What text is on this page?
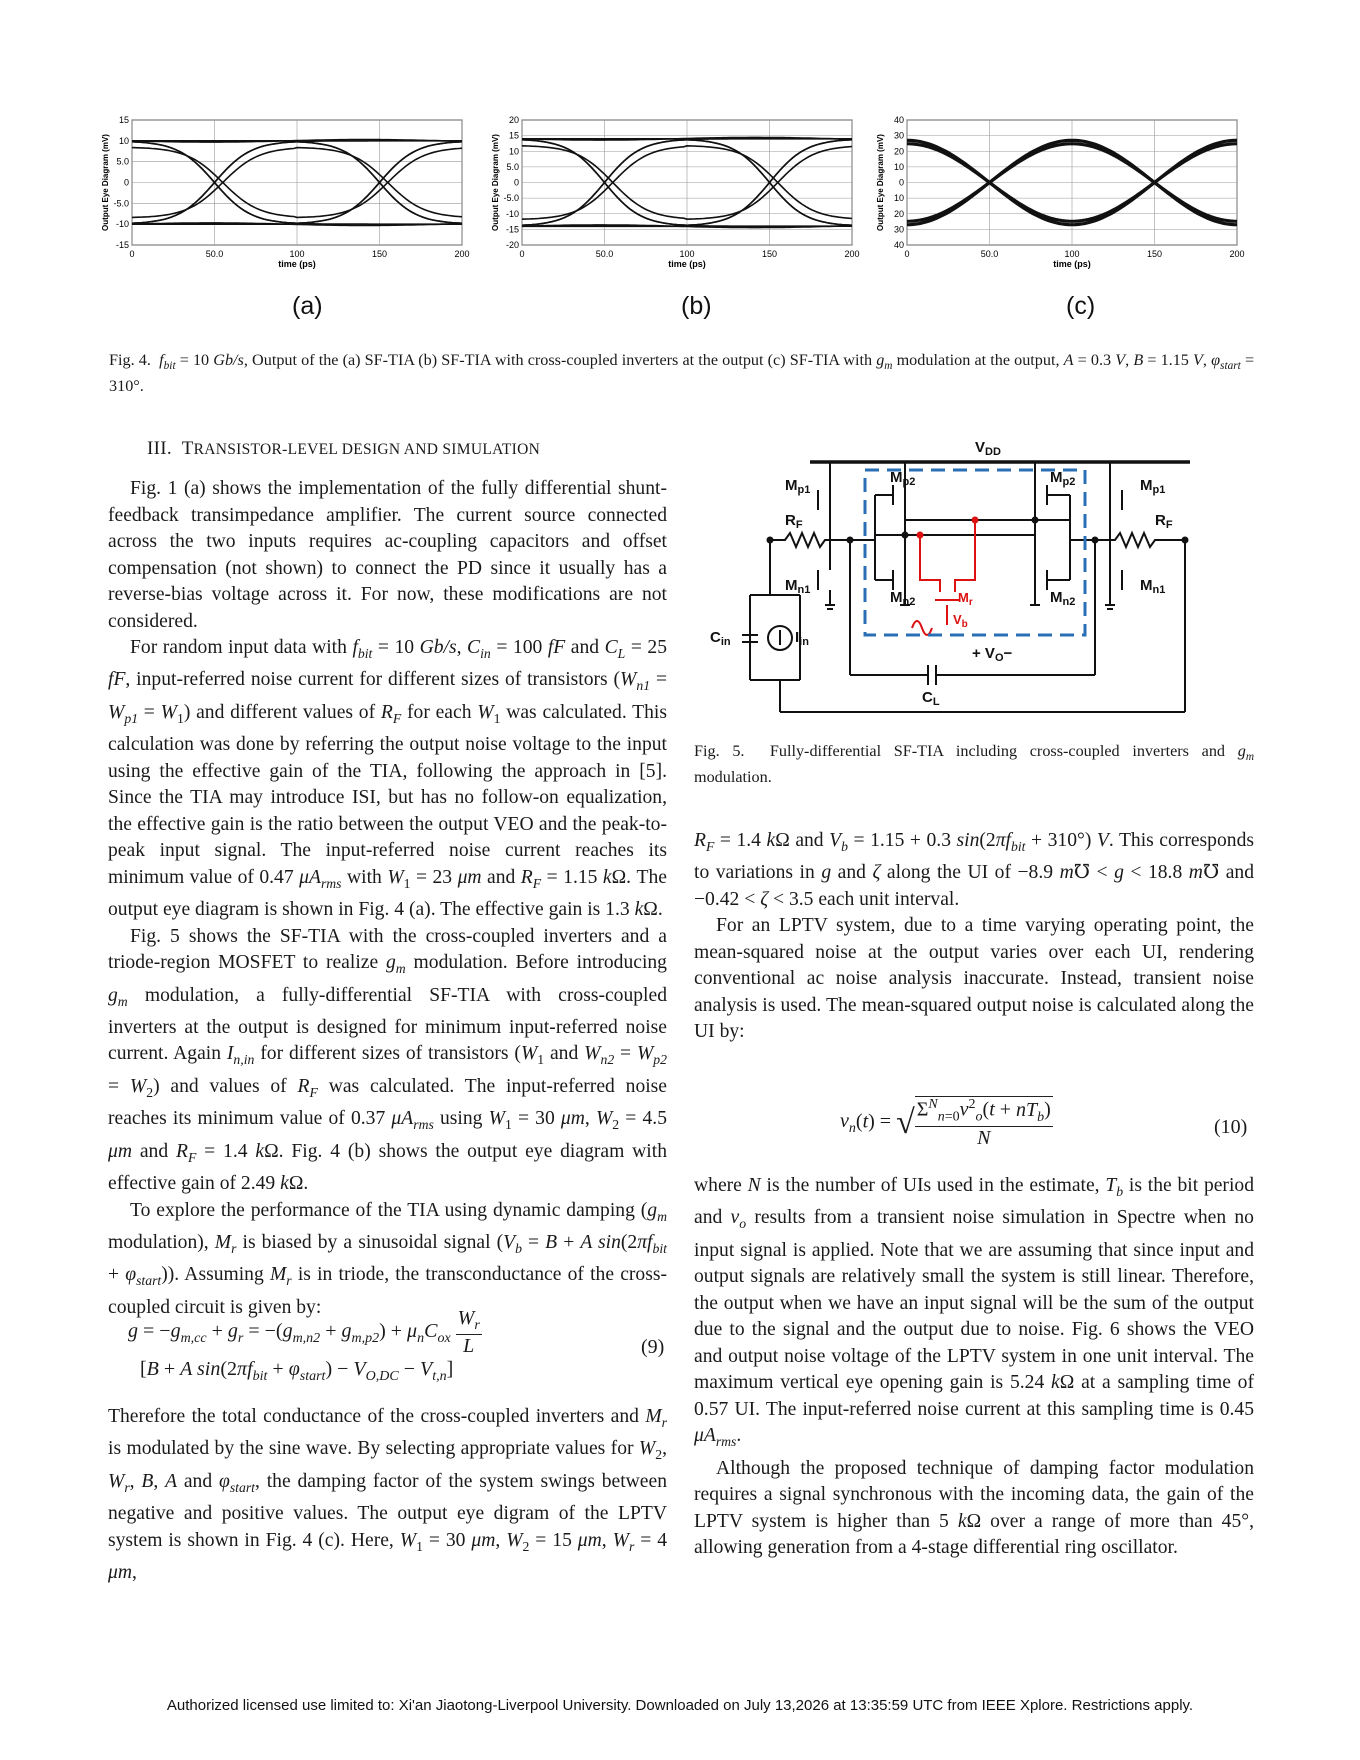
0	50.0	100	150	200
15
10
5.0
0
-5.0
-10
-15
time (ps)
Output Eye Diagram (mV)
0	50.0	100	150	200
20
15
10
5.0
0
-5.0
-10
-15
-20
time (ps)
Output Eye Diagram (mV)
0	50.0	100	150	200
40
30
20
10
0
10
20
30
40
time (ps)
Output Eye Diagram (mV)
(a)	(b)	(c)
Fig. 4. $f_{bit} = 10$ Gb/s, Output of the (a) SF-TIA (b) SF-TIA with cross-coupled inverters at the output (c) SF-TIA with $g_m$ modulation at the output, A = 0.3 V, B = 1.15 V, $\varphi_{start} = 310^\circ$.
III. TRANSISTOR-LEVEL DESIGN AND SIMULATION

Fig. 1 (a) shows the implementation of the fully differential shunt-feedback transimpedance amplifier. The current source connected across the two inputs requires ac-coupling capacitors and offset compensation (not shown) to connect the PD since it usually has a reverse-bias voltage across it. For now, these modifications are not considered.

For random input data with $f_{bit} = 10$ Gb/s, $C_{in} = 100$ fF and $C_L = 25$ fF, input-referred noise current for different sizes of transistors $(W_{n1} = W_{p1} = W_1)$ and different values of $R_F$ for each $W_1$ was calculated. This calculation was done by referring the output noise voltage to the input using the effective gain of the TIA, following the approach in [5]. Since the TIA may introduce ISI, but has no follow-on equalization, the effective gain is the ratio between the output VEO and the peak-to-peak input signal. The input-referred noise current reaches its minimum value of 0.47 $\mu A_{rms}$ with $W_1 = 23$ μm and $R_F = 1.15$ kΩ. The output eye diagram is shown in Fig. 4 (a). The effective gain is 1.3 kΩ.

Fig. 5 shows the SF-TIA with the cross-coupled inverters and a triode-region MOSFET to realize $g_m$ modulation. Before introducing $g_m$ modulation, a fully-differential SF-TIA with cross-coupled inverters at the output is designed for minimum input-referred noise current. Again $I_{n,in}$ for different sizes of transistors ($W_1$ and $W_{n2} = W_{p2} = W_2$) and values of $R_F$ was calculated. The input-referred noise reaches its minimum value of 0.37 $\mu A_{rms}$ using $W_1 = 30$ μm, $W_2 = 4.5$ μm and $R_F = 1.4$ kΩ. Fig. 4 (b) shows the output eye diagram with effective gain of 2.49 kΩ.

To explore the performance of the TIA using dynamic damping ($g_m$ modulation), $M_r$ is biased by a sinusoidal signal ($V_b = B + A$ $\sin(2\pi f_{bit} + \varphi_{start})$). Assuming $M_r$ is in triode, the transconductance of the cross-coupled circuit is given by:

$g = -g_{m,cc} + g_r = -(g_{m,n2} + g_{m,p2}) + \mu_nC_{ox} \frac{W_r}{L}$
[B + A $\sin(2\pi f_{bit} + \varphi_{start}) - V_{O,DC} - V_{t,n}$]
(9)

Therefore the total conductance of the cross-coupled inverters and $M_r$ is modulated by the sine wave. By selecting appropriate values for $W_2$, $W_r$, B, A and $\varphi_{start}$, the damping factor of the system swings between negative and positive values. The output eye digram of the LPTV system is shown in Fig. 4 (c). Here, $W_1 = 30$ μm, $W_2 = 15$ μm, $W_r = 4$ μm,

$V_{DD}$
$M_{p1}$
$R_F$
$M_{n1}$
$M_{p2}$	$M_{p2}$
$M_{n2}$	$M_{n2}$
$M_{p1}$
$R_F$
$M_{n1}$
$C_{in}$	$I_{in}$
+ $V_O-$
$C_L$
$M_r$
$V_b$
Fig. 5. Fully-differential SF-TIA including cross-coupled inverters and $g_m$ modulation.

$R_F = 1.4$ kΩ and $V_b = 1.15 + 0.3$ $\sin(2\pi f_{bit} + 310^\circ)$ V. This corresponds to variations in g and ζ along the UI of −8.9 m℧ < g < 18.8 m℧ and −0.42 < ζ < 3.5 each unit interval.

For an LPTV system, due to a time varying operating point, the mean-squared noise at the output varies over each UI, rendering conventional ac noise analysis inaccurate. Instead, transient noise analysis is used. The mean-squared output noise is calculated along the UI by:

$v_n(t)$ = √ $\frac{\Sigma^N_{n=0}v^2_o(t + nT_b)}{N}$	(10)

where N is the number of UIs used in the estimate, $T_b$ is the bit period and $v_o$ results from a transient noise simulation in Spectre when no input signal is applied. Note that we are assuming that since input and output signals are relatively small the system is still linear. Therefore, the output when we have an input signal will be the sum of the output due to the signal and the output due to noise. Fig. 6 shows the VEO and output noise voltage of the LPTV system in one unit interval. The maximum vertical eye opening gain is 5.24 kΩ at a sampling time of 0.57 UI. The input-referred noise current at this sampling time is 0.45 $\mu A_{rms}$.

Although the proposed technique of damping factor modulation requires a signal synchronous with the incoming data, the gain of the LPTV system is higher than 5 kΩ over a range of more than 45°, allowing generation from a 4-stage differential ring oscillator.

Authorized licensed use limited to: Xi'an Jiaotong-Liverpool University. Downloaded on July 13,2026 at 13:35:59 UTC from IEEE Xplore. Restrictions apply.
